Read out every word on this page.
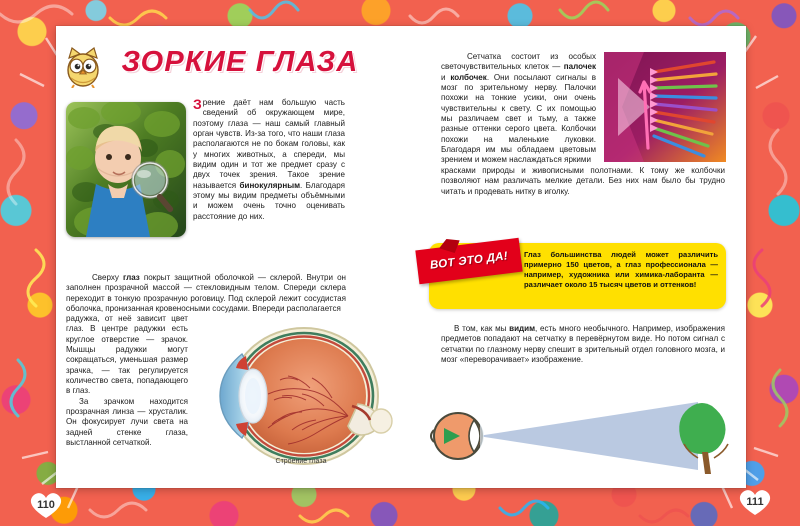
ЗОРКИЕ ГЛАЗА
Зрение даёт нам большую часть сведений об окружающем мире, поэтому глаза — наш самый главный орган чувств. Из-за того, что наши глаза располагаются не по бокам головы, как у многих животных, а спереди, мы видим один и тот же предмет сразу с двух точек зрения. Такое зрение называется бинокулярным. Благодаря этому мы видим предметы объёмными и можем очень точно оценивать расстояние до них.
Сверху глаз покрыт защитной оболочкой — склерой. Внутри он заполнен прозрачной массой — стекловидным телом. Спереди склера переходит в тонкую прозрачную роговицу. Под склерой лежит сосудистая оболочка, пронизанная кровеносными сосудами. Впереди располагается
радужка, от неё зависит цвет глаз. В центре радужки есть круглое отверстие — зрачок. Мышцы радужки могут сокращаться, уменьшая размер зрачка, — так регулируется количество света, попадающего в глаз.
За зрачком находится прозрачная линза — хрусталик. Он фокусирует лучи света на задней стенке глаза, выстланной сетчаткой.
Строение глаза
Сетчатка состоит из особых светочувствительных клеток — палочек и колбочек. Они посылают сигналы в мозг по зрительному нерву. Палочки похожи на тонкие усики, они очень чувствительны к свету. С их помощью мы различаем свет и тьму, а также разные оттенки серого цвета. Колбочки похожи на маленькие луковки. Благодаря им мы обладаем цветовым зрением и можем наслаждаться яркими
красками природы и живописными полотнами. К тому же колбочки позволяют нам различать мелкие детали. Без них нам было бы трудно читать и продевать нитку в иголку.
ВОТ ЭТО ДА!	Глаз большинства людей может различить примерно 150 цветов, а глаз профессионала — например, художника или химика-лаборанта — различает около 15 тысяч цветов и оттенков!
В том, как мы видим, есть много необычного. Например, изображения предметов попадают на сетчатку в перевёрнутом виде. Но потом сигнал с сетчатки по глазному нерву спешит в зрительный отдел головного мозга, и мозг «переворачивает» изображение.
110	111
